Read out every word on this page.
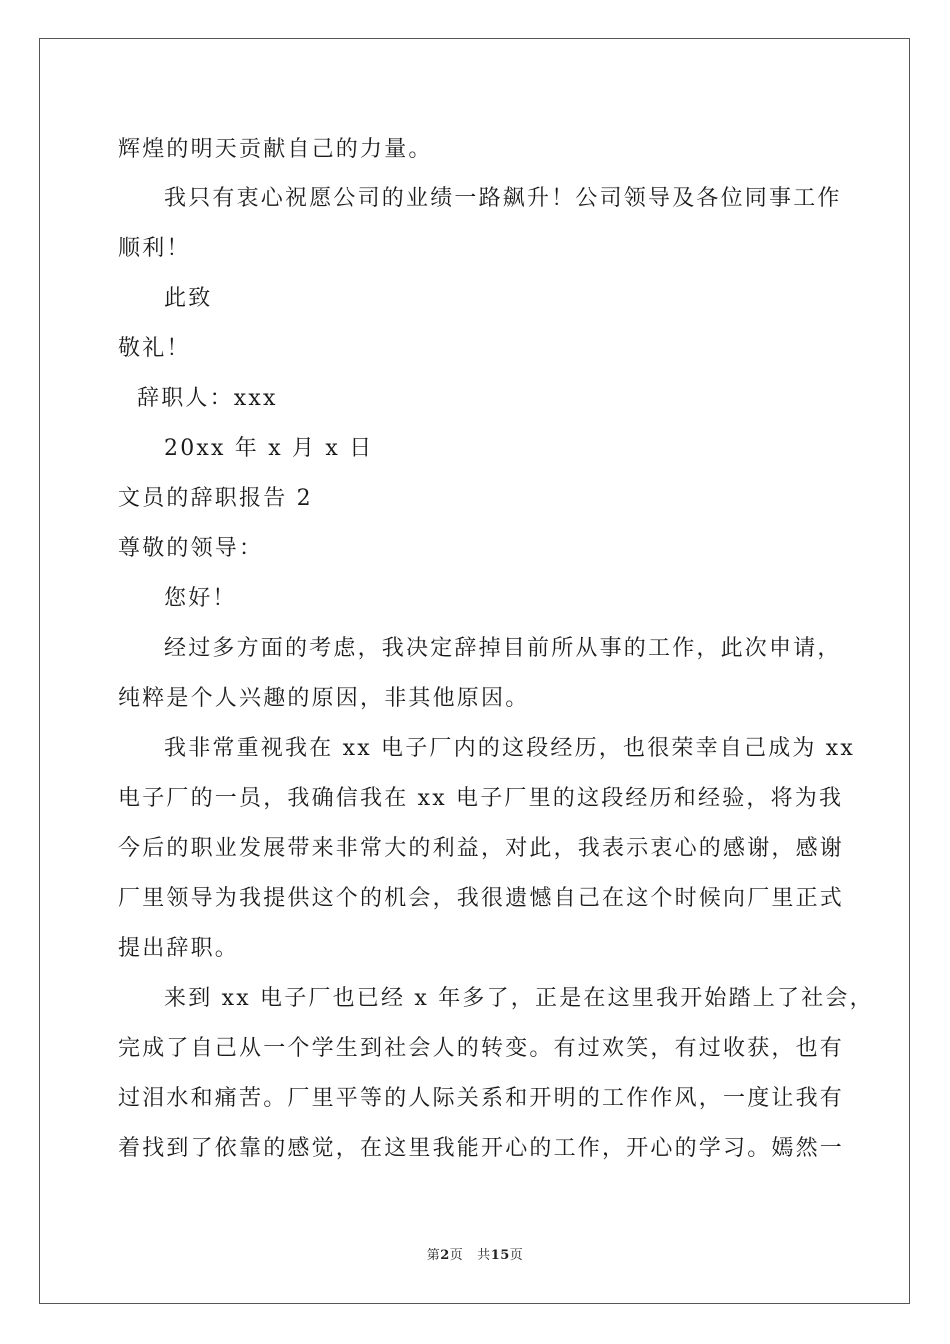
辉煌的明天贡献自己的力量。
我只有衷心祝愿公司的业绩一路飙升！公司领导及各位同事工作
顺利！
此致
敬礼！
辞职人：xxx
20xx 年 x 月 x 日
文员的辞职报告 2
尊敬的领导：
您好！
经过多方面的考虑，我决定辞掉目前所从事的工作，此次申请，
纯粹是个人兴趣的原因，非其他原因。
我非常重视我在 xx 电子厂内的这段经历，也很荣幸自己成为 xx
电子厂的一员，我确信我在 xx 电子厂里的这段经历和经验，将为我
今后的职业发展带来非常大的利益，对此，我表示衷心的感谢，感谢
厂里领导为我提供这个的机会，我很遗憾自己在这个时候向厂里正式
提出辞职。
来到 xx 电子厂也已经 x 年多了，正是在这里我开始踏上了社会，
完成了自己从一个学生到社会人的转变。有过欢笑，有过收获，也有
过泪水和痛苦。厂里平等的人际关系和开明的工作作风，一度让我有
着找到了依靠的感觉，在这里我能开心的工作，开心的学习。嫣然一
第2页 共15页
